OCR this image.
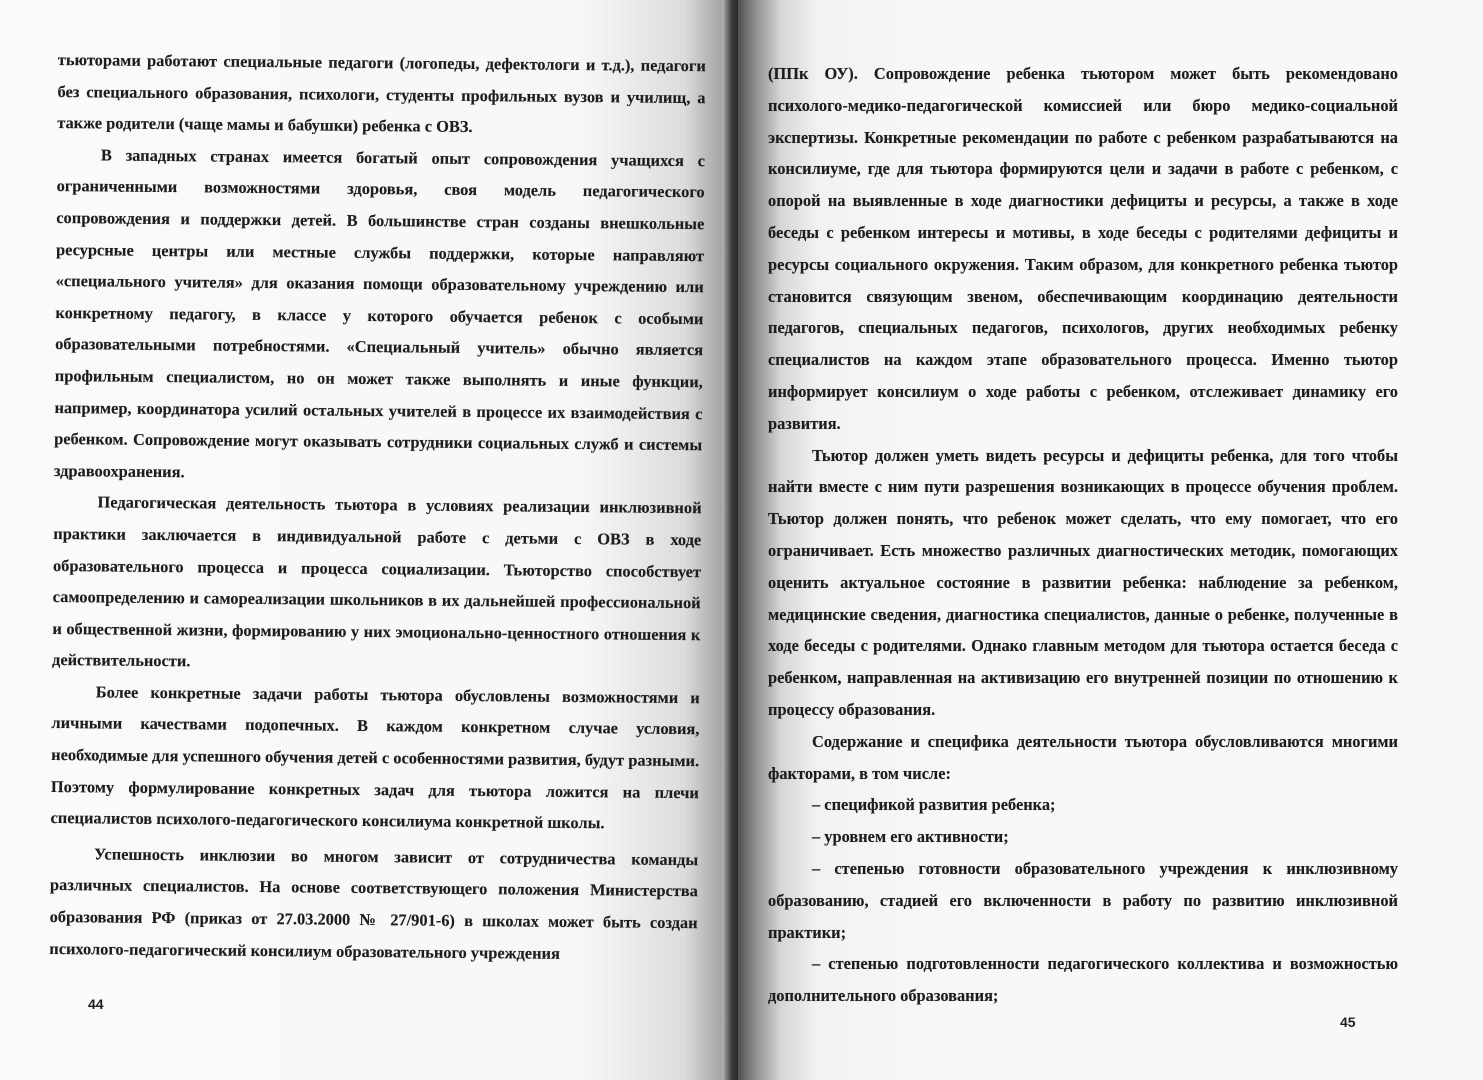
тьюторами работают специальные педагоги (логопеды, дефектологи и т.д.), педагоги без специального образования, психологи, студенты профильных вузов и училищ, а также родители (чаще мамы и бабушки) ребенка с ОВЗ.

В западных странах имеется богатый опыт сопровождения учащихся с ограниченными возможностями здоровья, своя модель педагогического сопровождения и поддержки детей. В большинстве стран созданы внешкольные ресурсные центры или местные службы поддержки, которые направляют «специального учителя» для оказания помощи образовательному учреждению или конкретному педагогу, в классе у которого обучается ребенок с особыми образовательными потребностями. «Специальный учитель» обычно является профильным специалистом, но он может также выполнять и иные функции, например, координатора усилий остальных учителей в процессе их взаимодействия с ребенком. Сопровождение могут оказывать сотрудники социальных служб и системы здравоохранения.

Педагогическая деятельность тьютора в условиях реализации инклюзивной практики заключается в индивидуальной работе с детьми с ОВЗ в ходе образовательного процесса и процесса социализации. Тьюторство способствует самоопределению и самореализации школьников в их дальнейшей профессиональной и общественной жизни, формированию у них эмоционально-ценностного отношения к действительности.

Более конкретные задачи работы тьютора обусловлены возможностями и личными качествами подопечных. В каждом конкретном случае условия, необходимые для успешного обучения детей с особенностями развития, будут разными. Поэтому формулирование конкретных задач для тьютора ложится на плечи специалистов психолого-педагогического консилиума конкретной школы.

Успешность инклюзии во многом зависит от сотрудничества команды различных специалистов. На основе соответствующего положения Министерства образования РФ (приказ от 27.03.2000 № 27/901-6) в школах может быть создан психолого-педагогический консилиум образовательного учреждения

44

(ППк ОУ). Сопровождение ребенка тьютором может быть рекомендовано психолого-медико-педагогической комиссией или бюро медико-социальной экспертизы. Конкретные рекомендации по работе с ребенком разрабатываются на консилиуме, где для тьютора формируются цели и задачи в работе с ребенком, с опорой на выявленные в ходе диагностики дефициты и ресурсы, а также в ходе беседы с ребенком интересы и мотивы, в ходе беседы с родителями дефициты и ресурсы социального окружения. Таким образом, для конкретного ребенка тьютор становится связующим звеном, обеспечивающим координацию деятельности педагогов, специальных педагогов, психологов, других необходимых ребенку специалистов на каждом этапе образовательного процесса. Именно тьютор информирует консилиум о ходе работы с ребенком, отслеживает динамику его развития.

Тьютор должен уметь видеть ресурсы и дефициты ребенка, для того чтобы найти вместе с ним пути разрешения возникающих в процессе обучения проблем. Тьютор должен понять, что ребенок может сделать, что ему помогает, что его ограничивает. Есть множество различных диагностических методик, помогающих оценить актуальное состояние в развитии ребенка: наблюдение за ребенком, медицинские сведения, диагностика специалистов, данные о ребенке, полученные в ходе беседы с родителями. Однако главным методом для тьютора остается беседа с ребенком, направленная на активизацию его внутренней позиции по отношению к процессу образования.

Содержание и специфика деятельности тьютора обусловливаются многими факторами, в том числе:

– спецификой развития ребенка;

– уровнем его активности;

– степенью готовности образовательного учреждения к инклюзивному образованию, стадией его включенности в работу по развитию инклюзивной практики;

– степенью подготовленности педагогического коллектива и возможностью дополнительного образования;

45
